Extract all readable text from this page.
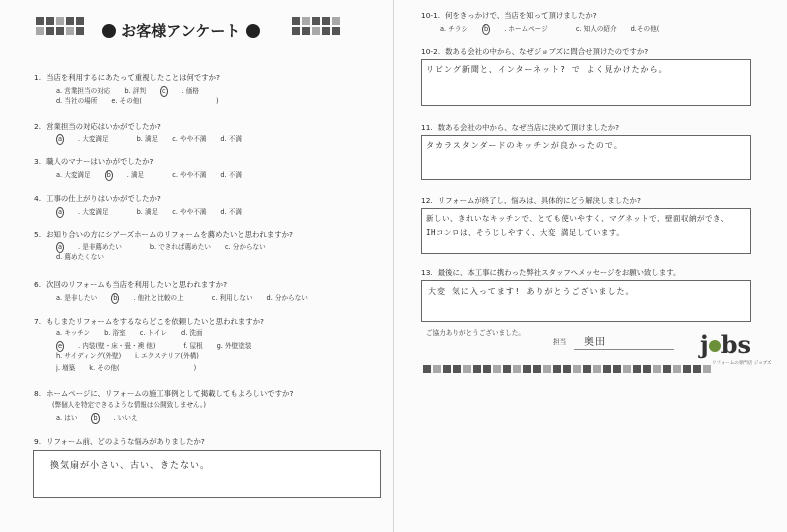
お客様アンケート

1. 当店を利用するにあたって重視したことは何ですか?
a. 営業担当の対応 b. 評判 c . 価格
d. 当社の場所 e. その他(	)
2. 営業担当の対応はいかがでしたか?
a . 大変満足	b. 満足 c. やや不満 d. 不満
3. 職人のマナーはいかがでしたか?
a. 大変満足 b . 満足	c. やや不満 d. 不満
4. 工事の仕上がりはいかがでしたか?
a . 大変満足	b. 満足 c. やや不満 d. 不満
5. お知り合いの方にシアーズホームのリフォームを薦めたいと思われますか?
a . 是非薦めたい	b. できれば薦めたい c. 分からない
d. 薦めたくない
6. 次回のリフォームも当店を利用したいと思われますか?
a. 是非したい b . 他社と比較の上	c. 利用しない d. 分からない
7. もしまたリフォームをするならどこを依頼したいと思われますか?
a. キッチン b. 浴室 c. トイレ d. 洗面
e . 内装(壁・床・畳・襖 他)	f. 屋根 g. 外壁塗装
h. サイディング(外壁) i. エクステリア(外構)
j. 増築 k. その他(	)
8. ホームページに、リフォームの施工事例として掲載してもよろしいですか?
(弊個人を特定できるような情報は公開致しません。)
a. はい b . いいえ
9. リフォーム前、どのような悩みがありましたか?
換気扇が小さい、古い、きたない。
10-1. 何をきっかけで、当店を知って頂けましたか?
a. チラシ b . ホームページ	c. 知人の紹介 d.その他(
10-2. 数ある会社の中から、なぜジョブズに問合せ頂けたのですか?
リビング新聞と、インターネット? で よく見かけたから。
11. 数ある会社の中から、なぜ当店に決めて頂けましたか?
タカラスタンダードのキッチンが良かったので。
12. リフォームが終了し、悩みは、具体的にどう解決しましたか?
新しい、きれいなキッチンで、とても使いやすく、マグネットで、壁面収納ができ、
IHコンロは、そうじしやすく、大変 満足しています。
13. 最後に、本工事に携わった弊社スタッフへメッセージをお願い致します。
大変 気に入ってます! ありがとうございました。
ご協力ありがとうございました。
担当 奥田	j bs
リフォームの専門店 ジョブズ
